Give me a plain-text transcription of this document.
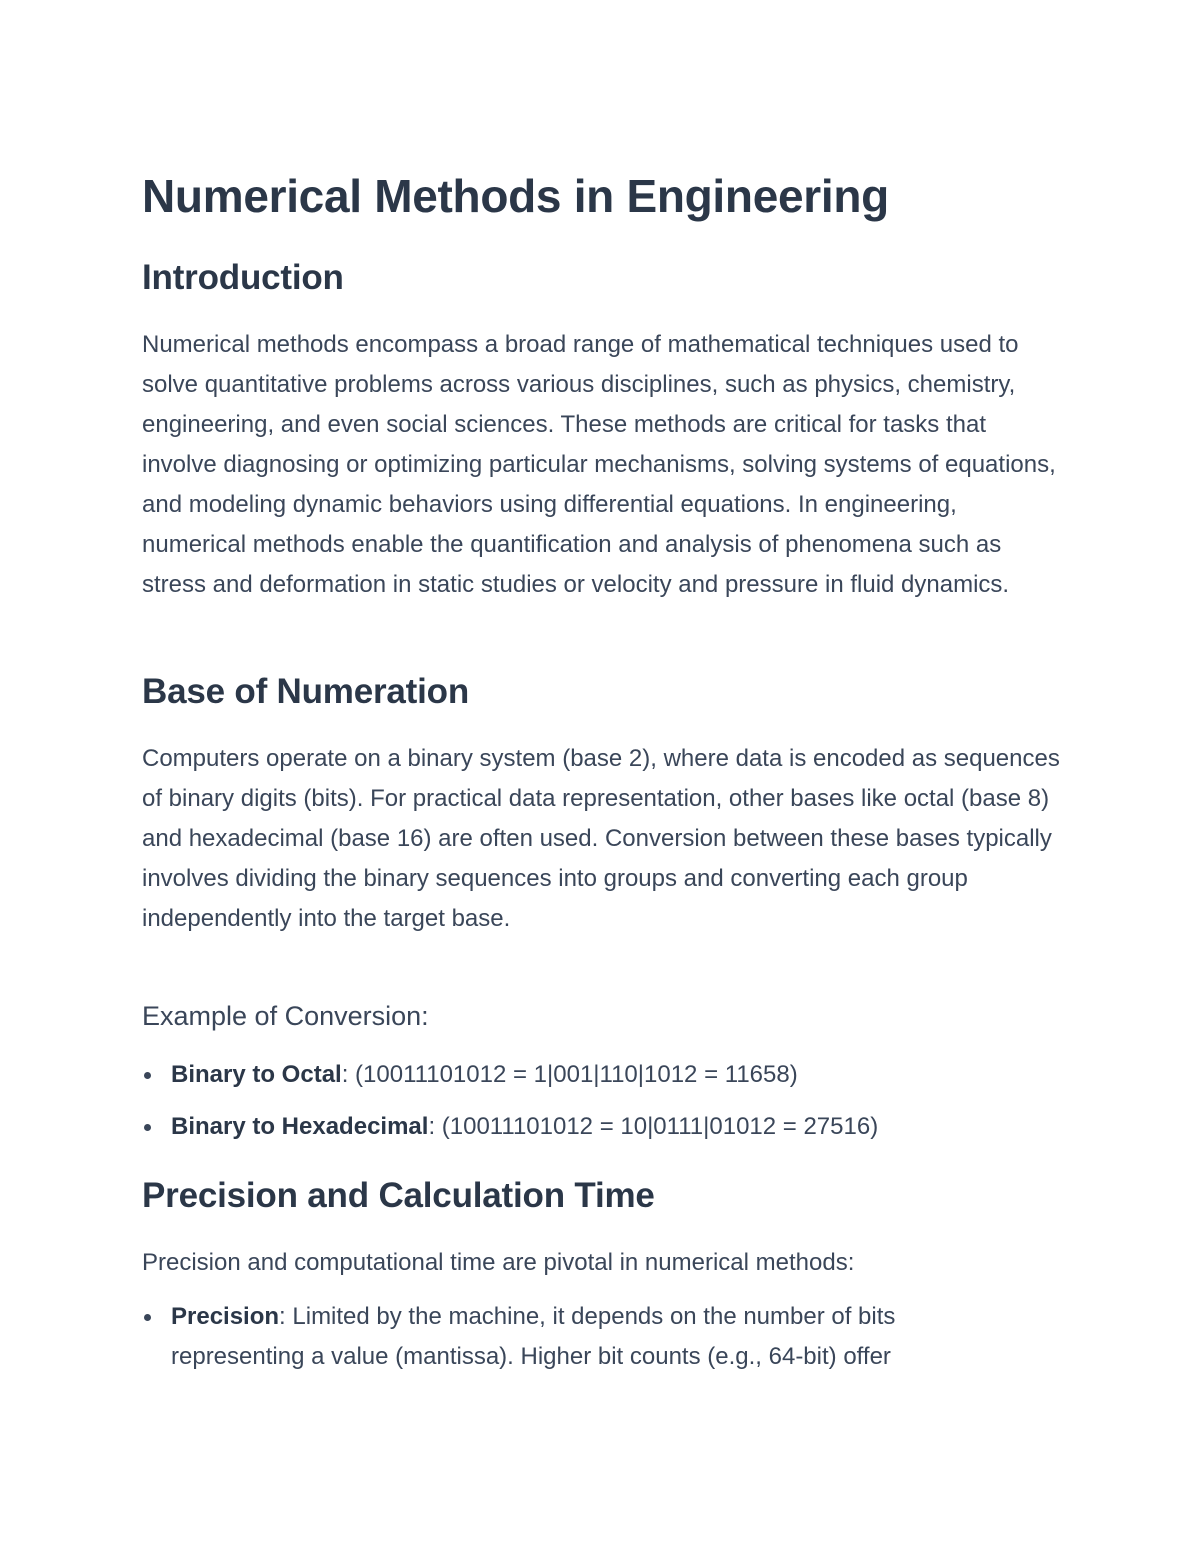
Numerical Methods in Engineering
Introduction

Numerical methods encompass a broad range of mathematical techniques used to solve quantitative problems across various disciplines, such as physics, chemistry, engineering, and even social sciences. These methods are critical for tasks that involve diagnosing or optimizing particular mechanisms, solving systems of equations, and modeling dynamic behaviors using differential equations. In engineering, numerical methods enable the quantification and analysis of phenomena such as stress and deformation in static studies or velocity and pressure in fluid dynamics.

Base of Numeration

Computers operate on a binary system (base 2), where data is encoded as sequences of binary digits (bits). For practical data representation, other bases like octal (base 8) and hexadecimal (base 16) are often used. Conversion between these bases typically involves dividing the binary sequences into groups and converting each group independently into the target base.

Example of Conversion:
Binary to Octal: (10011101012 = 1|001|110|1012 = 11658)
Binary to Hexadecimal: (10011101012 = 10|0111|01012 = 27516)
Precision and Calculation Time

Precision and computational time are pivotal in numerical methods:

Precision: Limited by the machine, it depends on the number of bits representing a value (mantissa). Higher bit counts (e.g., 64-bit) offer
